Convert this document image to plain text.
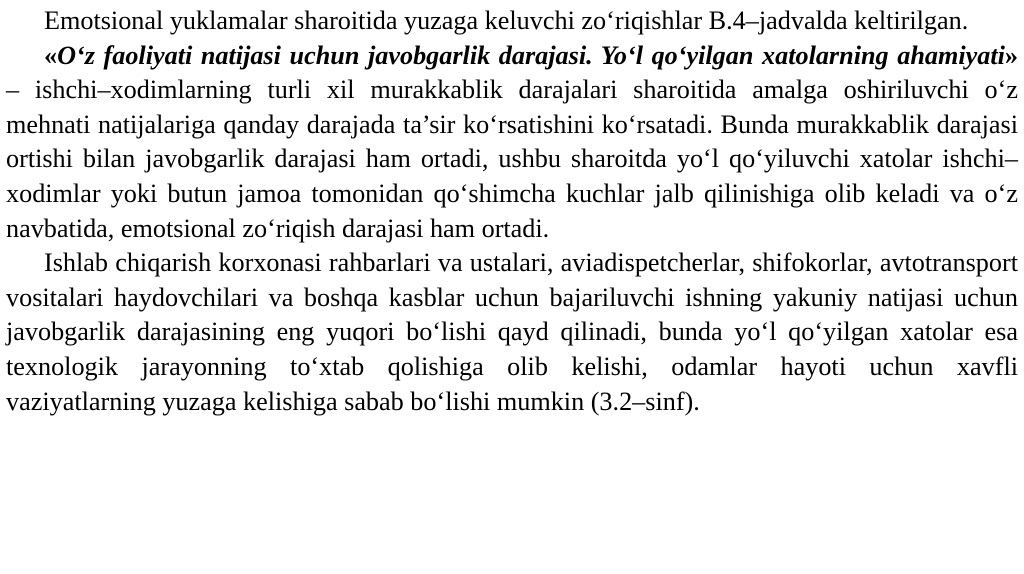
Emotsional yuklamalar sharoitida yuzaga keluvchi zo‘riqishlar B.4–jadvalda keltirilgan.

«O‘z faoliyati natijasi uchun javobgarlik darajasi. Yo‘l qo‘yilgan xatolarning ahamiyati» – ishchi–xodimlarning turli xil murakkablik darajalari sharoitida amalga oshiriluvchi o‘z mehnati natijalariga qanday darajada ta’sir ko‘rsatishini ko‘rsatadi. Bunda murakkablik darajasi ortishi bilan javobgarlik darajasi ham ortadi, ushbu sharoitda yo‘l qo‘yiluvchi xatolar ishchi–xodimlar yoki butun jamoa tomonidan qo‘shimcha kuchlar jalb qilinishiga olib keladi va o‘z navbatida, emotsional zo‘riqish darajasi ham ortadi.

Ishlab chiqarish korxonasi rahbarlari va ustalari, aviadispetcherlar, shifokorlar, avtotransport vositalari haydovchilari va boshqa kasblar uchun bajariluvchi ishning yakuniy natijasi uchun javobgarlik darajasining eng yuqori bo‘lishi qayd qilinadi, bunda yo‘l qo‘yilgan xatolar esa texnologik jarayonning to‘xtab qolishiga olib kelishi, odamlar hayoti uchun xavfli vaziyatlarning yuzaga kelishiga sabab bo‘lishi mumkin (3.2–sinf).
